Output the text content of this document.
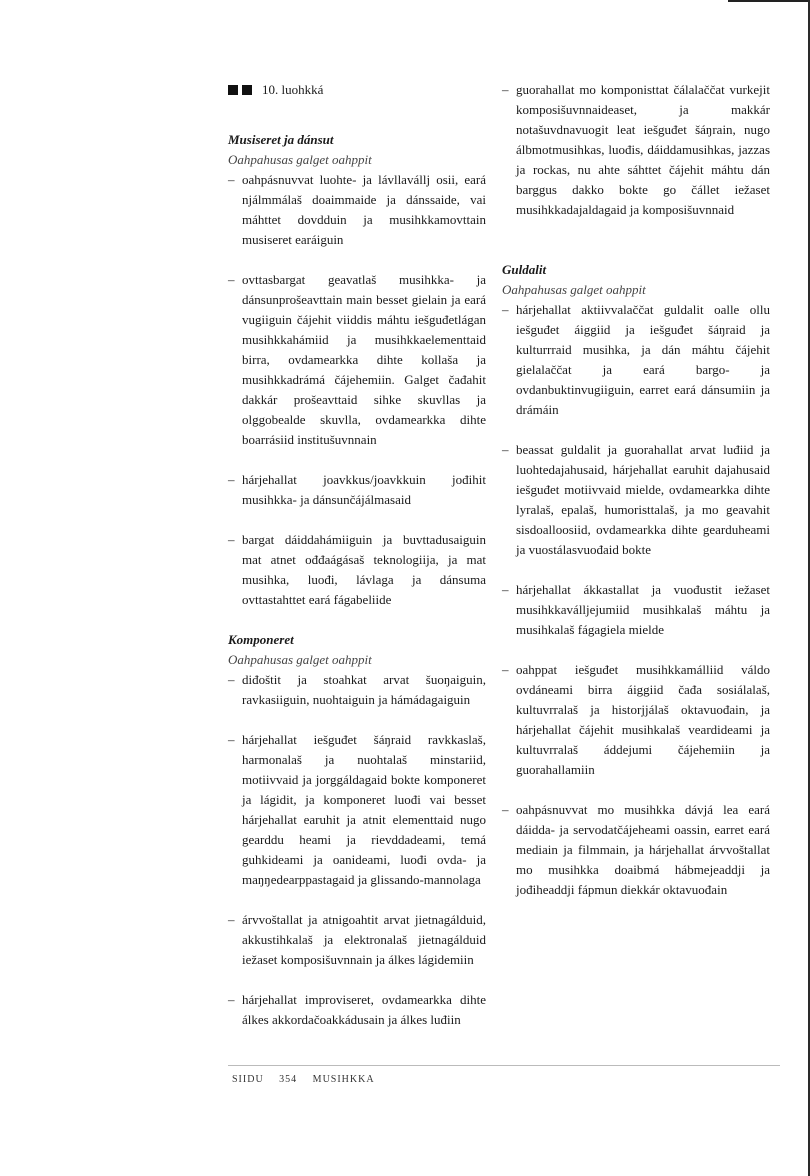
10. luohkká

Musiseret ja dánsut

Oahpahusas galget oahppit

– oahpásnuvvat luohte- ja lávllavállj osii, eará njálmmálaš doaimmaide ja dánssaide, vai máhttet dovdduin ja musihkkamovttain musiseret earáiguin

– ovttasbargat geavatlaš musihkka- ja dánsunprošeavttain main besset gielain ja eará vugiiguin čájehit viiddis máhtu iešguđetlágan musihkkahámiid ja musihkkaelementtaid birra, ovdamearkka dihte kollaša ja musihkkadrámá čájehemiin. Galget čađahit dakkár prošeavttaid sihke skuvllas ja olggobealde skuvlla, ovdamearkka dihte boarrásiid institušuvnnain

– hárjehallat joavkkus/joavkkuin jođihit musihkka- ja dánsunčájálmasaid

– bargat dáiddahámiiguin ja buvttadusaiguin mat atnet ođđaágásaš teknologiija, ja mat musihka, luođi, lávlaga ja dánsuma ovttastahttet eará fágabeliide

Komponeret

Oahpahusas galget oahppit

– diđoštit ja stoahkat arvat šuoŋaiguin, ravkasiiguin, nuohtaiguin ja hámádagaiguin

– hárjehallat iešguđet šáŋraid ravkkaslaš, harmonalaš ja nuohtalaš minstariid, motiivvaid ja jorggáldagaid bokte komponeret ja lágidit, ja komponeret luođi vai besset hárjehallat earuhit ja atnit elementtaid nugo gearddu heami ja rievddadeami, temá guhkideami ja oanideami, luođi ovda- ja maŋŋedearppastagaid ja glissando-mannolaga

– árvvoštallat ja atnigoahtit arvat jietnagálduid, akkustihkalaš ja elektronalaš jietnagálduid iežaset komposišuvnnain ja álkes lágidemiin

– hárjehallat improviseret, ovdamearkka dihte álkes akkordačoakkádusain ja álkes luđiin

– guorahallat mo komponisttat čálalaččat vurkejit komposišuvnnaideaset, ja makkár notašuvdnavuogit leat iešguđet šáŋrain, nugo álbmotmusihkas, luođis, dáiddamusihkas, jazzas ja rockas, nu ahte sáhttet čájehit máhtu dán barggus dakko bokte go čállet iežaset musihkkadajaldagaid ja komposišuvnnaid

Guldalit

Oahpahusas galget oahppit

– hárjehallat aktiivvalaččat guldalit oalle ollu iešguđet áiggiid ja iešguđet šáŋraid ja kulturrraid musihka, ja dán máhtu čájehit gielalaččat ja eará bargo- ja ovdanbuktinvugiiguin, earret eará dánsumiin ja drámáin

– beassat guldalit ja guorahallat arvat luđiid ja luohtedajahusaid, hárjehallat earuhit dajahusaid iešguđet motiivvaid mielde, ovdamearkka dihte lyralaš, epalaš, humoristtalaš, ja mo geavahit sisdoalloosiid, ovdamearkka dihte gearduheami ja vuostálasvuođaid bokte

– hárjehallat ákkastallat ja vuođustit iežaset musihkkavállјejumiid musihkalaš máhtu ja musihkalaš fágagiela mielde

– oahppat iešguđet musihkkamálliid váldo ovdáneami birra áiggiid čađa sosiálalaš, kultuvrralaš ja historjjálaš oktavuođain, ja hárjehallat čájehit musihkalaš veardideami ja kultuvrralaš áddejumi čájehemiin ja guorahallamiin

– oahpásnuvvat mo musihkka dávjá lea eará dáidda- ja servodatčájeheami oassin, earret eará mediain ja filmmain, ja hárjehallat árvvoštallat mo musihkka doaibmá hábmejeaddji ja jođiheaddji fápmun diekkár oktavuođain

SIIDU 354 MUSIHKKA
